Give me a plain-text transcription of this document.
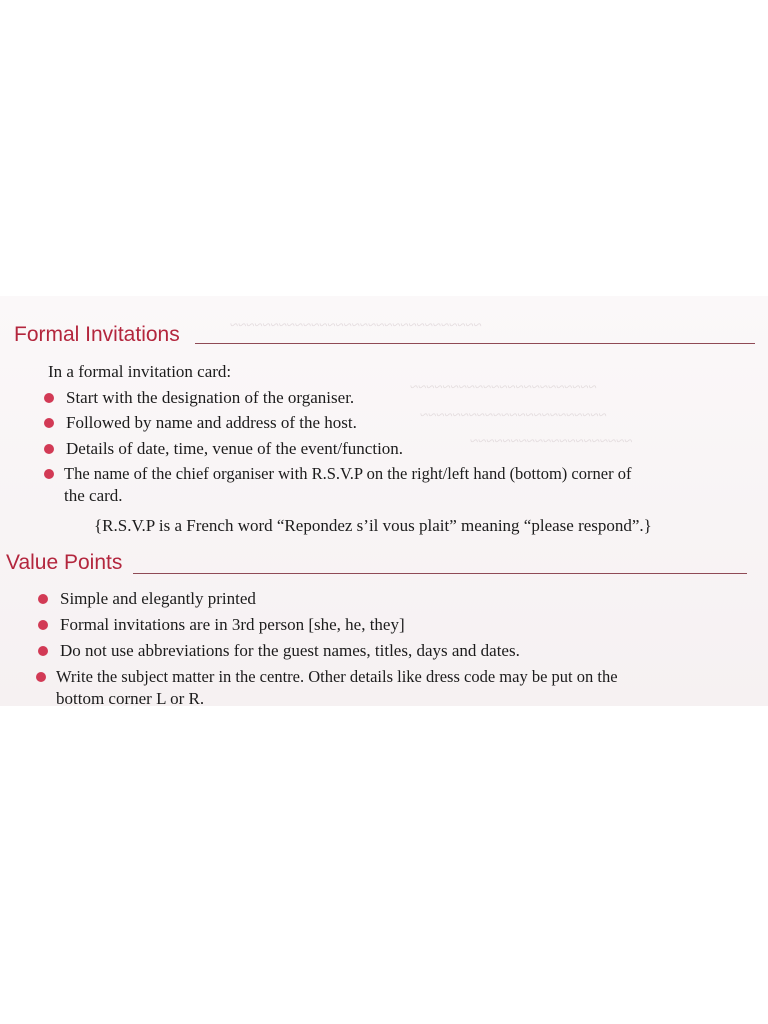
~~~~~~~~~~~~~~~~~~~~~~~~~~~~~~~
~~~~~~~~~~~~~~~~~~~~~~~
~~~~~~~~~~~~~~~~~~~~~~~
~~~~~~~~~~~~~~~~~~~~
Formal Invitations
In a formal invitation card:
Start with the designation of the organiser.
Followed by name and address of the host.
Details of date, time, venue of the event/function.
The name of the chief organiser with R.S.V.P on the right/left hand (bottom) corner of
the card.
{R.S.V.P is a French word “Repondez s’il vous plait” meaning “please respond”.}
Value Points
Simple and elegantly printed
Formal invitations are in 3rd person [she, he, they]
Do not use abbreviations for the guest names, titles, days and dates.
Write the subject matter in the centre. Other details like dress code may be put on the
bottom corner L or R.
